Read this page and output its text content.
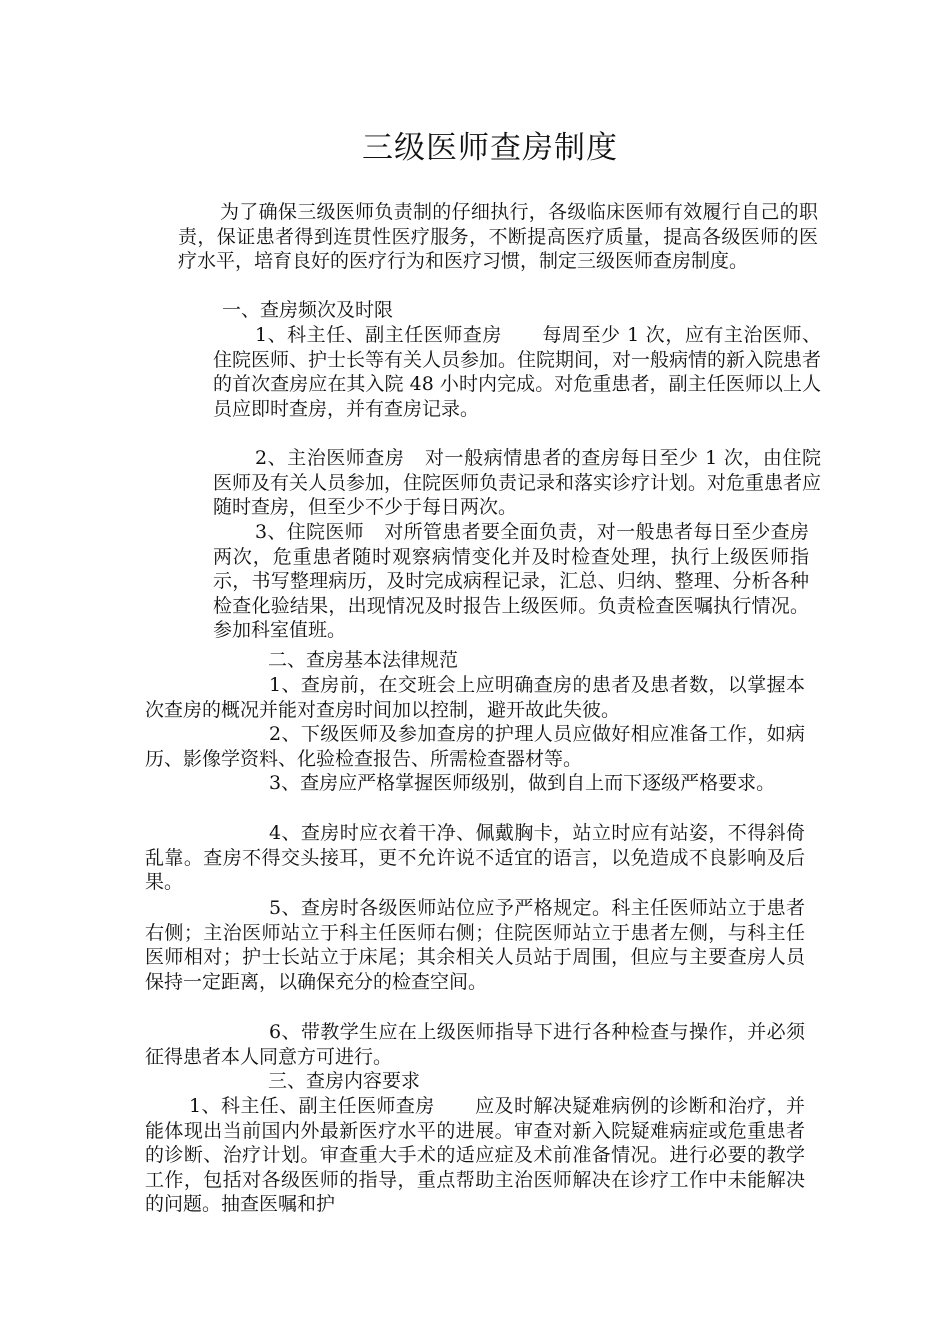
三级医师查房制度

为了确保三级医师负责制的仔细执行，各级临床医师有效履行自己的职责，保证患者得到连贯性医疗服务，不断提高医疗质量，提高各级医师的医疗水平，培育良好的医疗行为和医疗习惯，制定三级医师查房制度。

一、查房频次及时限

1、科主任、副主任医师查房 每周至少 1 次，应有主治医师、住院医师、护士长等有关人员参加。住院期间，对一般病情的新入院患者的首次查房应在其入院 48 小时内完成。对危重患者，副主任医师以上人员应即时查房，并有查房记录。

2、主治医师查房 对一般病情患者的查房每日至少 1 次，由住院医师及有关人员参加，住院医师负责记录和落实诊疗计划。对危重患者应随时查房，但至少不少于每日两次。

3、住院医师 对所管患者要全面负责，对一般患者每日至少查房两次，危重患者随时观察病情变化并及时检查处理，执行上级医师指示，书写整理病历，及时完成病程记录，汇总、归纳、整理、分析各种检查化验结果，出现情况及时报告上级医师。负责检查医嘱执行情况。参加科室值班。

二、查房基本法律规范

1、查房前，在交班会上应明确查房的患者及患者数，以掌握本次查房的概况并能对查房时间加以控制，避开故此失彼。

2、下级医师及参加查房的护理人员应做好相应准备工作，如病历、影像学资料、化验检查报告、所需检查器材等。

3、查房应严格掌握医师级别，做到自上而下逐级严格要求。

4、查房时应衣着干净、佩戴胸卡，站立时应有站姿，不得斜倚乱靠。查房不得交头接耳，更不允许说不适宜的语言，以免造成不良影响及后果。

5、查房时各级医师站位应予严格规定。科主任医师站立于患者右侧；主治医师站立于科主任医师右侧；住院医师站立于患者左侧，与科主任医师相对；护士长站立于床尾；其余相关人员站于周围，但应与主要查房人员保持一定距离，以确保充分的检查空间。

6、带教学生应在上级医师指导下进行各种检查与操作，并必须征得患者本人同意方可进行。

三、查房内容要求

1、科主任、副主任医师查房 应及时解决疑难病例的诊断和治疗，并能体现出当前国内外最新医疗水平的进展。审查对新入院疑难病症或危重患者的诊断、治疗计划。审查重大手术的适应症及术前准备情况。进行必要的教学工作，包括对各级医师的指导，重点帮助主治医师解决在诊疗工作中未能解决的问题。抽查医嘱和护
